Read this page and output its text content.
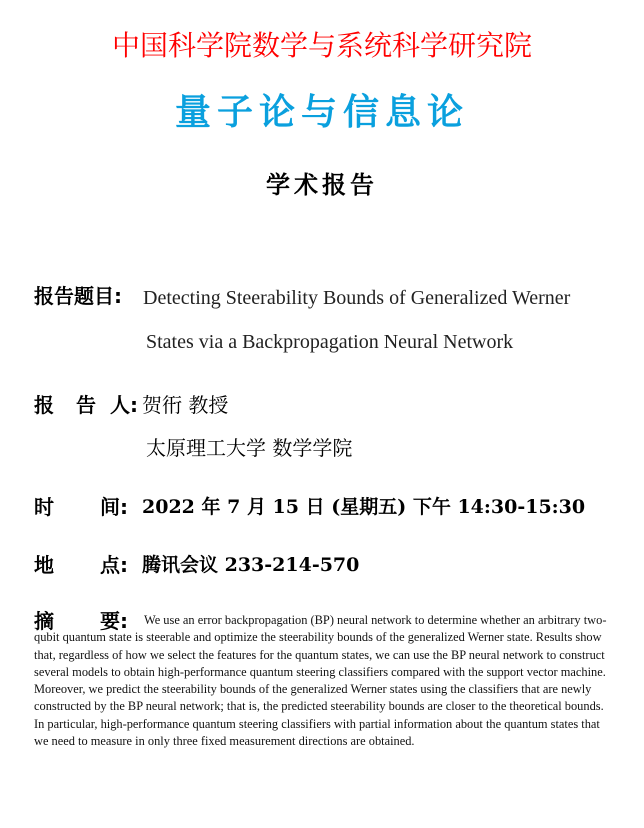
中国科学院数学与系统科学研究院
量子论与信息论
学术报告
报告题目: Detecting Steerability Bounds of Generalized Werner
States via a Backpropagation Neural Network
报 告 人: 贺衎 教授
太原理工大学 数学学院
时 间: 2022 年 7 月 15 日 (星期五) 下午 14:30-15:30
地 点: 腾讯会议 233-214-570
摘 要:	We use an error backpropagation (BP) neural network to determine whether an arbitrary two-qubit quantum state is steerable and optimize the steerability bounds of the generalized Werner state. Results show that, regardless of how we select the features for the quantum states, we can use the BP neural network to construct several models to obtain high-performance quantum steering classifiers compared with the support vector machine. Moreover, we predict the steerability bounds of the generalized Werner states using the classifiers that are newly constructed by the BP neural network; that is, the predicted steerability bounds are closer to the theoretical bounds. In particular, high-performance quantum steering classifiers with partial information about the quantum states that we need to measure in only three fixed measurement directions are obtained.
